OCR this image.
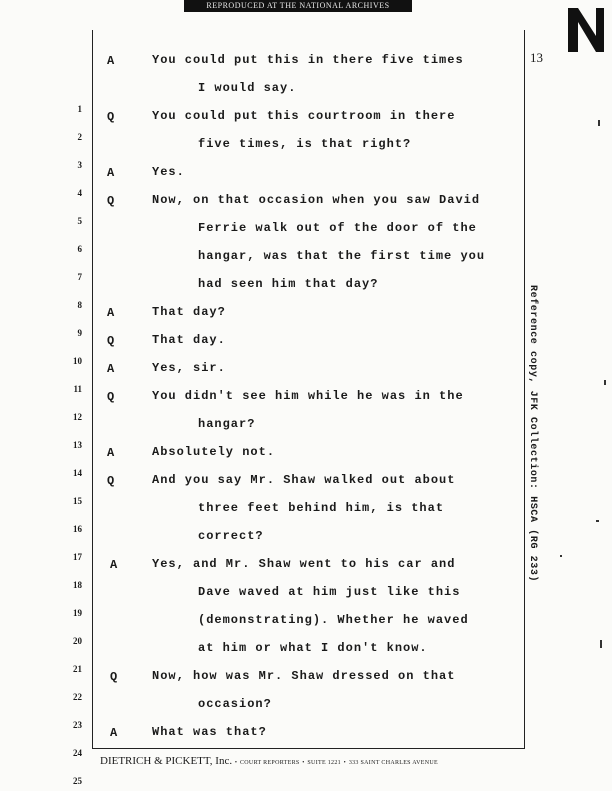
REPRODUCED AT THE NATIONAL ARCHIVES
13
1
2
3
4
5
6
7
8
9
10
11
12
13
14
15
16
17
18
19
20
21
22
23
24
25
A	You could put this in there five times
I would say.
Q	You could put this courtroom in there
five times, is that right?
A	Yes.
Q	Now, on that occasion when you saw David
Ferrie walk out of the door of the
hangar, was that the first time you
had seen him that day?
A	That day?
Q	That day.
A	Yes, sir.
Q	You didn't see him while he was in the
hangar?
A	Absolutely not.
Q	And you say Mr. Shaw walked out about
three feet behind him, is that
correct?
A	Yes, and Mr. Shaw went to his car and
Dave waved at him just like this
(demonstrating). Whether he waved
at him or what I don't know.
Q	Now, how was Mr. Shaw dressed on that
occasion?
A	What was that?
Reference copy, JFK Collection: HSCA (RG 233)
DIETRICH & PICKETT, Inc. • COURT REPORTERS • SUITE 1221 • 333 SAINT CHARLES AVENUE
